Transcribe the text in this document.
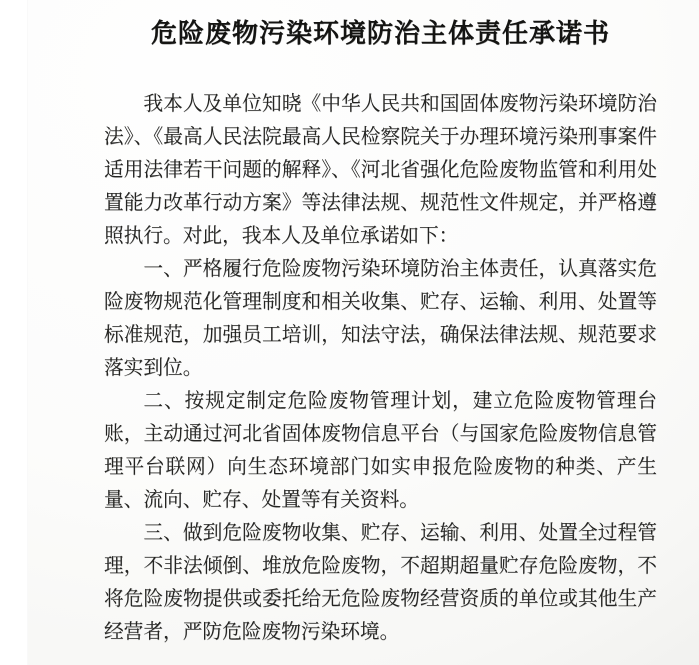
危险废物污染环境防治主体责任承诺书

我本人及单位知晓《中华人民共和国固体废物污染环境防治法》、《最高人民法院最高人民检察院关于办理环境污染刑事案件适用法律若干问题的解释》、《河北省强化危险废物监管和利用处置能力改革行动方案》等法律法规、规范性文件规定，并严格遵照执行。对此，我本人及单位承诺如下：

一、严格履行危险废物污染环境防治主体责任，认真落实危险废物规范化管理制度和相关收集、贮存、运输、利用、处置等标准规范，加强员工培训，知法守法，确保法律法规、规范要求落实到位。

二、按规定制定危险废物管理计划，建立危险废物管理台账，主动通过河北省固体废物信息平台（与国家危险废物信息管理平台联网）向生态环境部门如实申报危险废物的种类、产生量、流向、贮存、处置等有关资料。

三、做到危险废物收集、贮存、运输、利用、处置全过程管理，不非法倾倒、堆放危险废物，不超期超量贮存危险废物，不将危险废物提供或委托给无危险废物经营资质的单位或其他生产经营者，严防危险废物污染环境。
